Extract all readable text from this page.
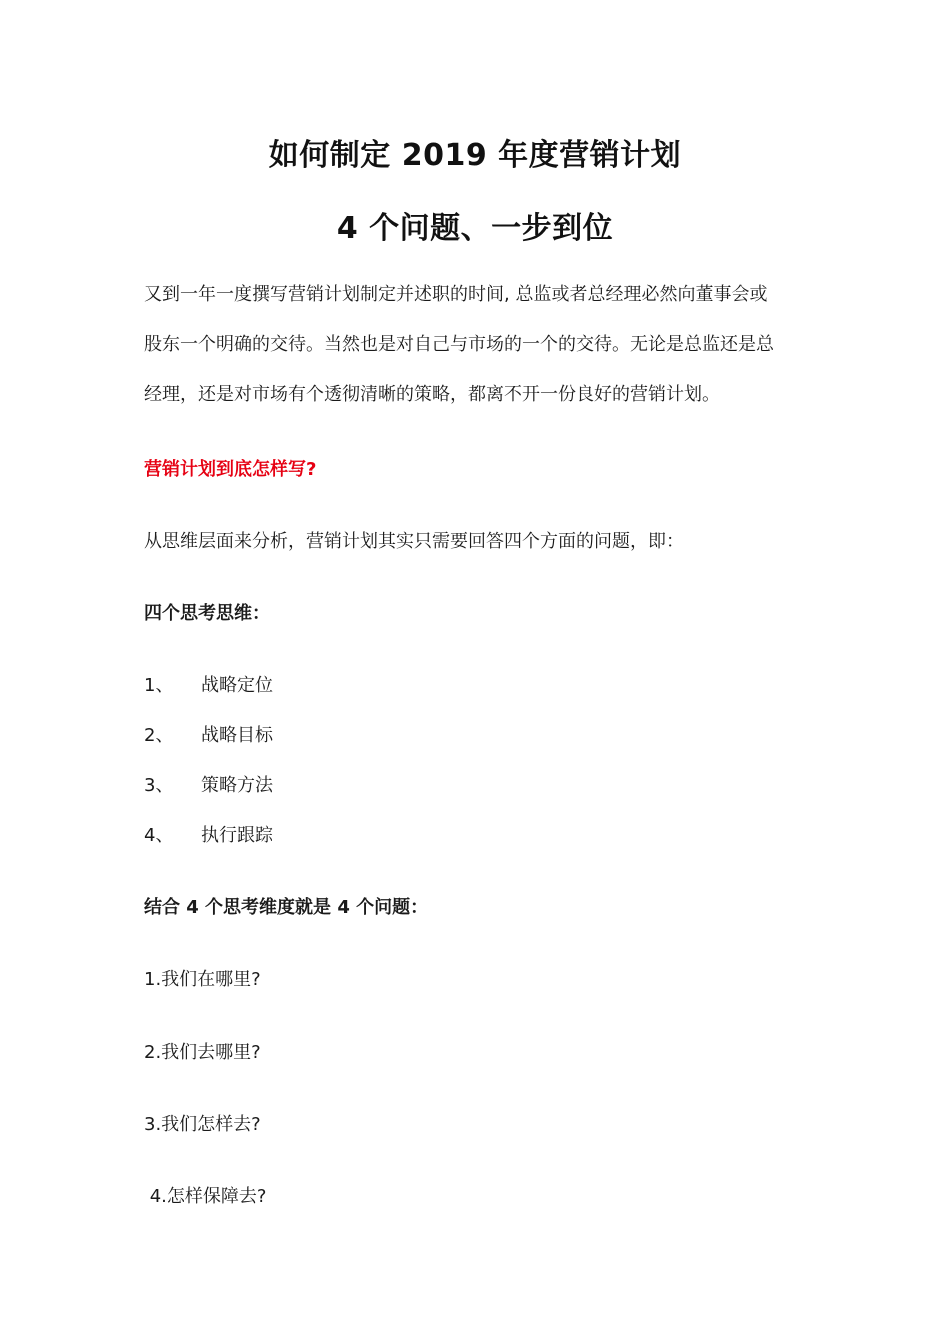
如何制定 2019 年度营销计划
4 个问题、一步到位
又到一年一度撰写营销计划制定并述职的时间, 总监或者总经理必然向董事会或
股东一个明确的交待。当然也是对自己与市场的一个的交待。无论是总监还是总
经理，还是对市场有个透彻清晰的策略，都离不开一份良好的营销计划。
营销计划到底怎样写?
从思维层面来分析，营销计划其实只需要回答四个方面的问题，即：
四个思考思维：
1、 战略定位
2、 战略目标
3、 策略方法
4、 执行跟踪
结合 4 个思考维度就是 4 个问题：
1.我们在哪里?
2.我们去哪里?
3.我们怎样去?
4.怎样保障去?
